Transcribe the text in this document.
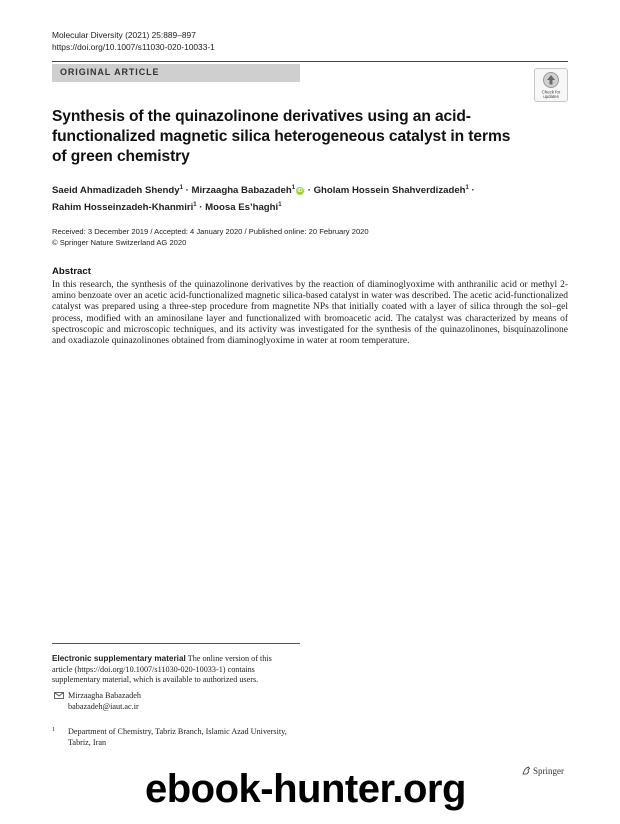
Molecular Diversity (2021) 25:889–897
https://doi.org/10.1007/s11030-020-10033-1
ORIGINAL ARTICLE
Check for
updates
Synthesis of the quinazolinone derivatives using an acid-functionalized magnetic silica heterogeneous catalyst in terms of green chemistry
Saeid Ahmadizadeh Shendy$^1$ · Mirzaagha Babazadeh$^1$iD · Gholam Hossein Shahverdizadeh$^1$ ·
Rahim Hosseinzadeh-Khanmiri$^1$ · Moosa Es’haghi$^1$
Received: 3 December 2019 / Accepted: 4 January 2020 / Published online: 20 February 2020
© Springer Nature Switzerland AG 2020
Abstract
In this research, the synthesis of the quinazolinone derivatives by the reaction of diaminoglyoxime with anthranilic acid or methyl 2-amino benzoate over an acetic acid-functionalized magnetic silica-based catalyst in water was described. The acetic acid-functionalized catalyst was prepared using a three-step procedure from magnetite NPs that initially coated with a layer of silica through the sol–gel process, modified with an aminosilane layer and functionalized with bromoacetic acid. The catalyst was characterized by means of spectroscopic and microscopic techniques, and its activity was investigated for the synthesis of the quinazolinones, bisquinazolinone and oxadiazole quinazolinones obtained from diaminoglyoxime in water at room temperature.
Electronic supplementary material The online version of this article (https://doi.org/10.1007/s11030-020-10033-1) contains supplementary material, which is available to authorized users.
Mirzaagha Babazadeh
babazadeh@iaut.ac.ir
1 Department of Chemistry, Tabriz Branch, Islamic Azad University, Tabriz, Iran
ebook-hunter.org	Springer
